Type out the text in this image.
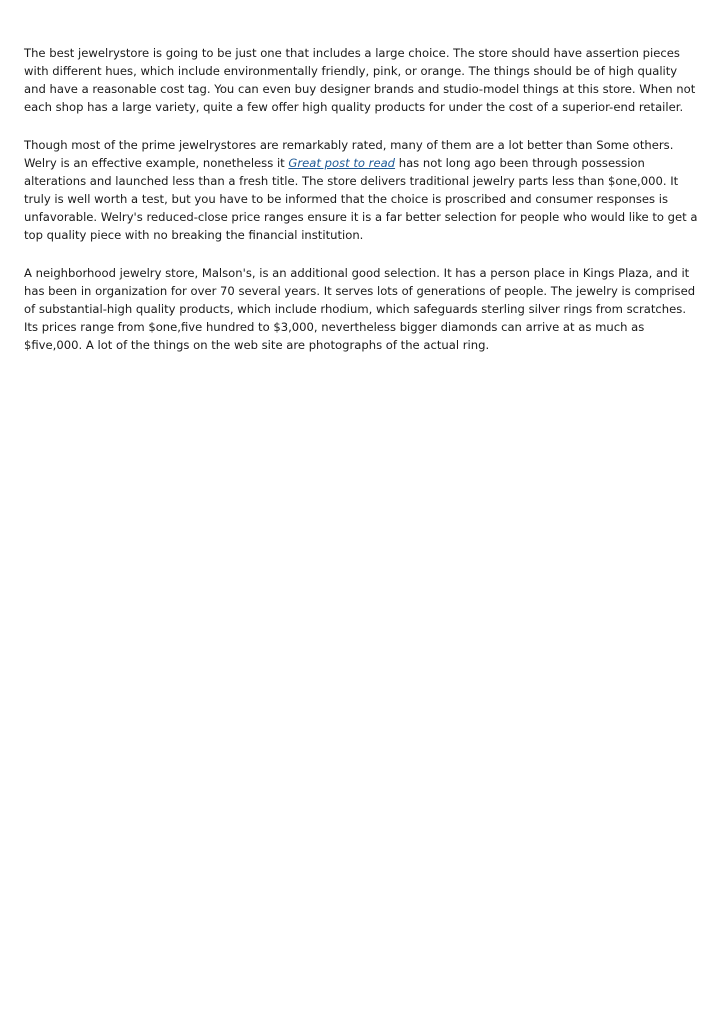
The best jewelrystore is going to be just one that includes a large choice. The store should have assertion pieces with different hues, which include environmentally friendly, pink, or orange. The things should be of high quality and have a reasonable cost tag. You can even buy designer brands and studio-model things at this store. When not each shop has a large variety, quite a few offer high quality products for under the cost of a superior-end retailer.

Though most of the prime jewelrystores are remarkably rated, many of them are a lot better than Some others. Welry is an effective example, nonetheless it Great post to read has not long ago been through possession alterations and launched less than a fresh title. The store delivers traditional jewelry parts less than $one,000. It truly is well worth a test, but you have to be informed that the choice is proscribed and consumer responses is unfavorable. Welry's reduced-close price ranges ensure it is a far better selection for people who would like to get a top quality piece with no breaking the financial institution.

A neighborhood jewelry store, Malson's, is an additional good selection. It has a person place in Kings Plaza, and it has been in organization for over 70 several years. It serves lots of generations of people. The jewelry is comprised of substantial-high quality products, which include rhodium, which safeguards sterling silver rings from scratches. Its prices range from $one,five hundred to $3,000, nevertheless bigger diamonds can arrive at as much as $five,000. A lot of the things on the web site are photographs of the actual ring.
